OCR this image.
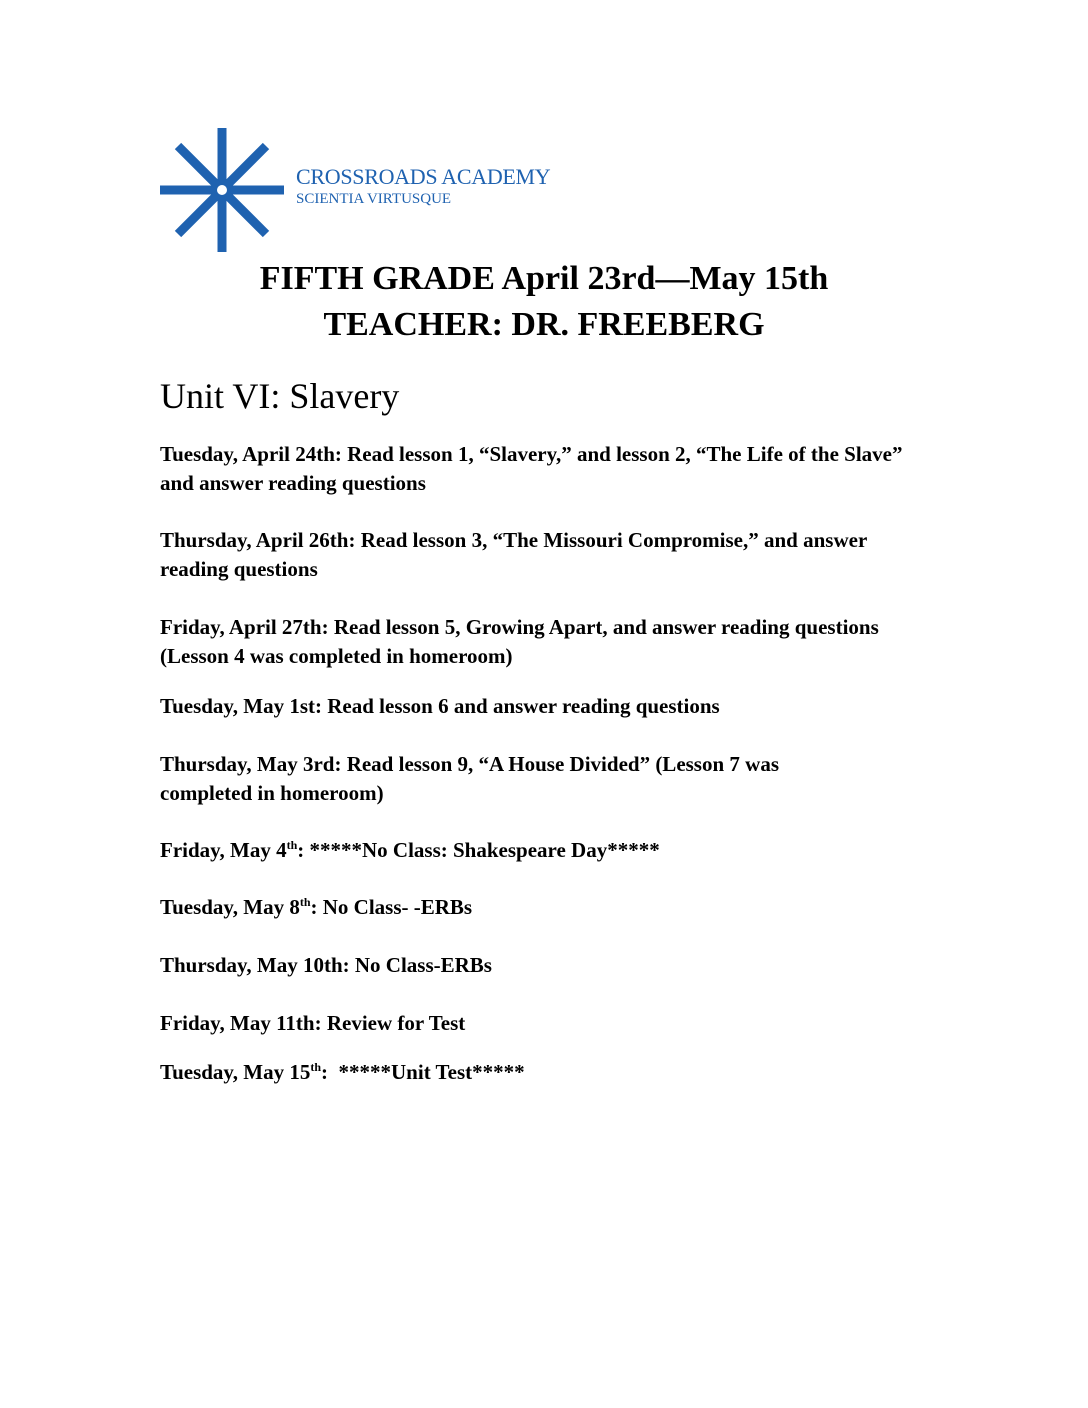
CROSSROADS ACADEMY
SCIENTIA VIRTUSQUE
FIFTH GRADE April 23rd—May 15th
TEACHER: DR. FREEBERG
Unit VI: Slavery
Tuesday, April 24th: Read lesson 1, “Slavery,” and lesson 2, “The Life of the Slave” and answer reading questions
Thursday, April 26th: Read lesson 3, “The Missouri Compromise,” and answer reading questions
Friday, April 27th: Read lesson 5, Growing Apart, and answer reading questions (Lesson 4 was completed in homeroom)
Tuesday, May 1st: Read lesson 6 and answer reading questions
Thursday, May 3rd: Read lesson 9, “A House Divided” (Lesson 7 was completed in homeroom)
Friday, May 4th: *****No Class: Shakespeare Day*****
Tuesday, May 8th: No Class- -ERBs
Thursday, May 10th: No Class-ERBs
Friday, May 11th: Review for Test
Tuesday, May 15th:  *****Unit Test*****
